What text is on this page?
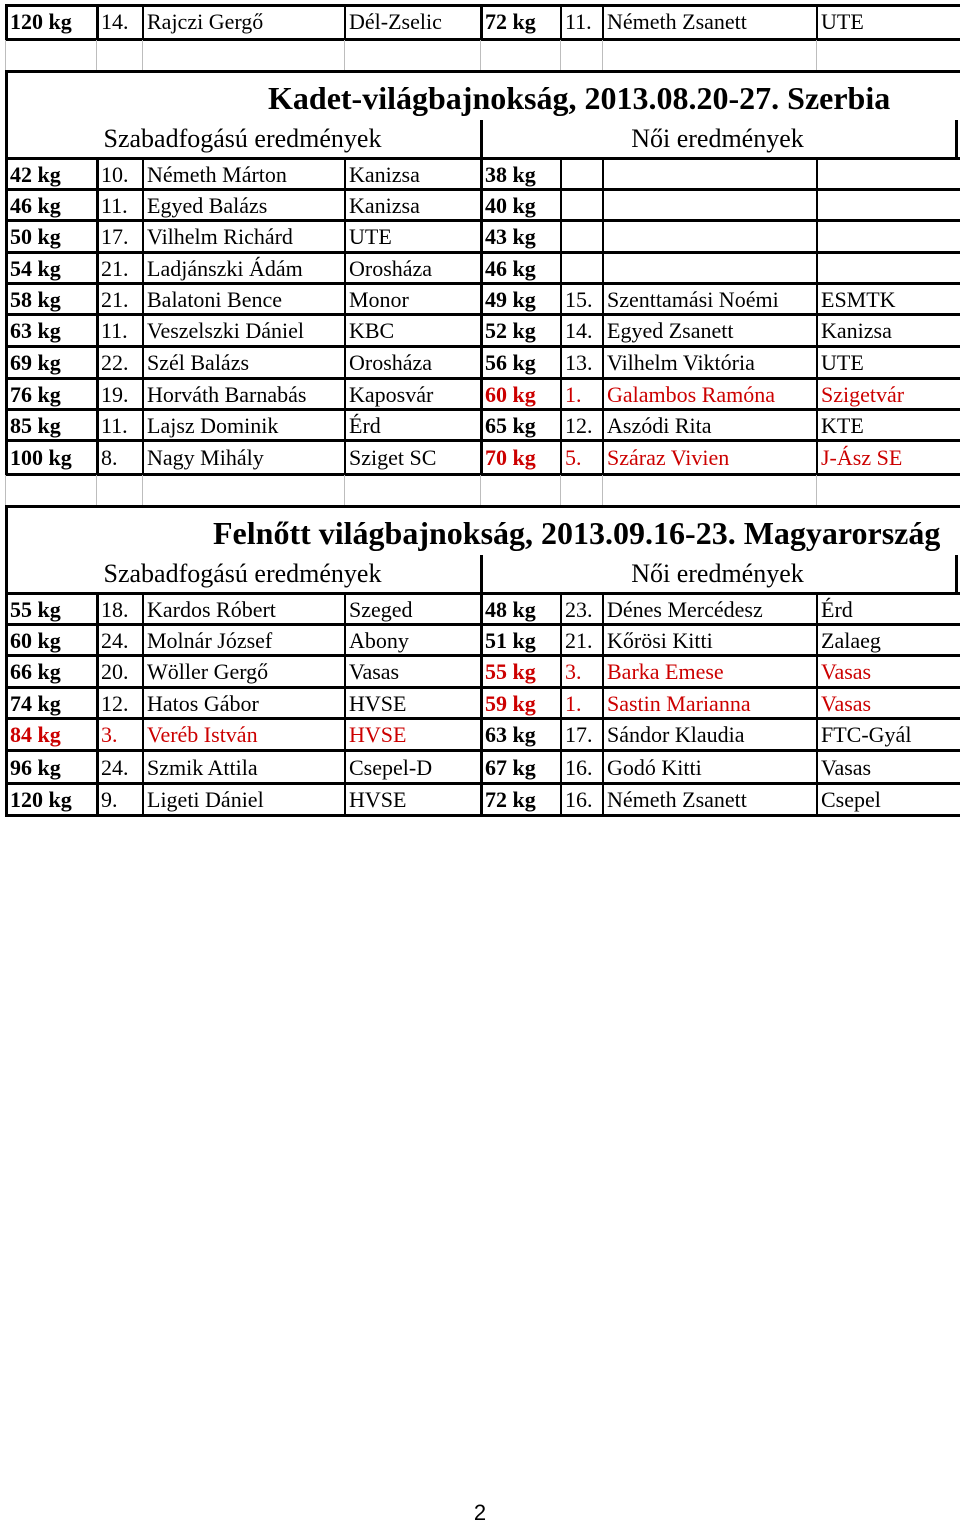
120 kg	14. Rajczi Gergő	Dél-Zselic	72 kg	11. Németh Zsanett	UTE
Kadet-világbajnokság, 2013.08.20-27. Szerbia
Szabadfogású eredmények	Női eredmények
42 kg	10. Németh Márton	Kanizsa	38 kg
46 kg	11. Egyed Balázs	Kanizsa	40 kg
50 kg	17. Vilhelm Richárd	UTE	43 kg
54 kg	21. Ladjánszki Ádám	Orosháza	46 kg
58 kg	21. Balatoni Bence	Monor	49 kg	15. Szenttamási Noémi	ESMTK
63 kg	11. Veszelszki Dániel	KBC	52 kg	14. Egyed Zsanett	Kanizsa
69 kg	22. Szél Balázs	Orosháza	56 kg	13. Vilhelm Viktória	UTE
76 kg	19. Horváth Barnabás	Kaposvár	60 kg	1.	Galambos Ramóna	Szigetvár
85 kg	11. Lajsz Dominik	Érd	65 kg	12. Aszódi Rita	KTE
100 kg	8.	Nagy Mihály	Sziget SC	70 kg	5.	Száraz Vivien	J-Ász SE
Felnőtt világbajnokság, 2013.09.16-23. Magyarország
Szabadfogású eredmények	Női eredmények
55 kg	18. Kardos Róbert	Szeged	48 kg	23. Dénes Mercédesz	Érd
60 kg	24. Molnár József	Abony	51 kg	21. Kőrösi Kitti	Zalaeg
66 kg	20. Wöller Gergő	Vasas	55 kg	3.	Barka Emese	Vasas
74 kg	12. Hatos Gábor	HVSE	59 kg	1.	Sastin Marianna	Vasas
84 kg	3.	Veréb István	HVSE	63 kg	17. Sándor Klaudia	FTC-Gyál
96 kg	24. Szmik Attila	Csepel-D	67 kg	16. Godó Kitti	Vasas
120 kg	9.	Ligeti Dániel	HVSE	72 kg	16. Németh Zsanett	Csepel
2
